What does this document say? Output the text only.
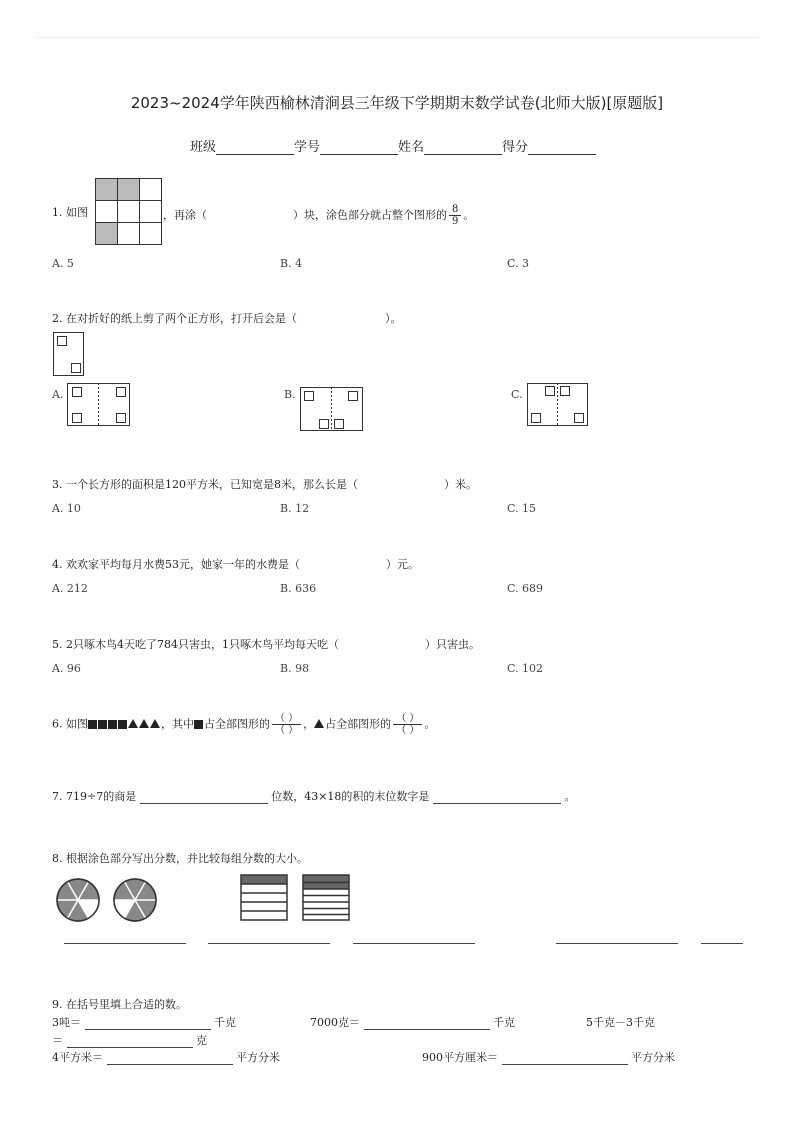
2023~2024学年陕西榆林清涧县三年级下学期期末数学试卷(北师大版)[原题版]
班级	学号	姓名	得分
1. 如图	，再涂（	）块，涂色部分就占整个图形的 $\frac{8}{9}$ 。
A. 5	B. 4	C. 3
2. 在对折好的纸上剪了两个正方形，打开后会是（	）。
A.	B.	C.
3. 一个长方形的面积是120平方米，已知宽是8米，那么长是（	）米。
A. 10	B. 12	C. 15
4. 欢欢家平均每月水费53元，她家一年的水费是（	）元。
A. 212	B. 636	C. 689
5. 2只啄木鸟4天吃了784只害虫，1只啄木鸟平均每天吃（	）只害虫。
A. 96	B. 98	C. 102
6. 如图	，其中 占全部图形的 $\frac{( )}{( )}$ ， 占全部图形的 $\frac{( )}{( )}$ 。
7. 719÷7的商是	位数，43×18的积的末位数字是	。
8. 根据涂色部分写出分数，并比较每组分数的大小。
9. 在括号里填上合适的数。
3吨＝	千克	7000克＝	千克	5千克－3千克
＝	克
4平方米＝	平方分米	900平方厘米＝	平方分米
